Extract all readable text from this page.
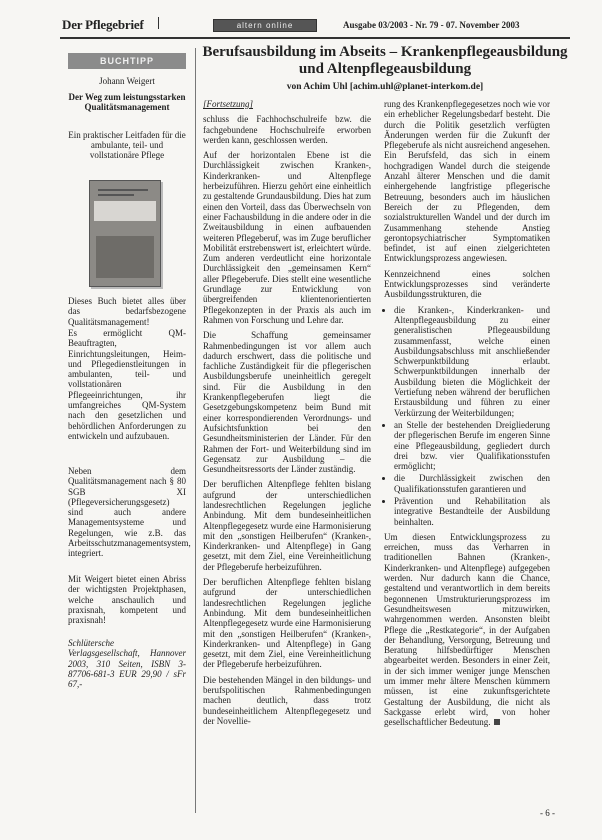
Der Pflegebrief	altern online	Ausgabe 03/2003 - Nr. 79 - 07. November 2003
BUCHTIPP
Johann Weigert
Der Weg zum leistungsstarken Qualitätsmanagement
Ein praktischer Leitfaden für die ambulante, teil- und vollstationäre Pflege
Dieses Buch bietet alles über das bedarfsbezogene Qualitätsmanagement!
Es ermöglicht QM-Beauftragten, Einrichtungsleitungen, Heim- und Pflegedienstleitungen in ambulanten, teil- und vollstationären Pflegeeinrichtungen, ihr umfangreiches QM-System nach den gesetzlichen und behördlichen Anforderungen zu entwickeln und aufzubauen.
Neben dem Qualitätsmanagement nach § 80 SGB XI (Pflegeversicherungsgesetz) sind auch andere Managementsysteme und Regelungen, wie z.B. das Arbeitsschutzmanagementsystem, integriert.
Mit Weigert bietet einen Abriss der wichtigsten Projektphasen, welche anschaulich und praxisnah, kompetent und praxisnah!
Schlütersche Verlagsgesellschaft, Hannover 2003, 310 Seiten, ISBN 3-87706-681-3 EUR 29,90 / sFr 67,-
Berufsausbildung im Abseits – Krankenpflegeausbildung und Altenpflegeausbildung
von Achim Uhl [achim.uhl@planet-interkom.de]

[Fortsetzung]

schluss die Fachhochschulreife bzw. die fachgebundene Hochschulreife erworben werden kann, geschlossen werden.

Auf der horizontalen Ebene ist die Durchlässigkeit zwischen Kranken-, Kinderkranken- und Altenpflege herbeizuführen. Hierzu gehört eine einheitlich zu gestaltende Grundausbildung. Dies hat zum einen den Vorteil, dass das Überwechseln von einer Fachausbildung in die andere oder in die Zweitausbildung in einen aufbauenden weiteren Pflegeberuf, was im Zuge beruflicher Mobilität erstrebenswert ist, erleichtert würde. Zum anderen verdeutlicht eine horizontale Durchlässigkeit den „gemeinsamen Kern“ aller Pflegeberufe. Dies stellt eine wesentliche Grundlage zur Entwicklung von übergreifenden klientenorientierten Pflegekonzepten in der Praxis als auch im Rahmen von Forschung und Lehre dar.

Die Schaffung gemeinsamer Rahmenbedingungen ist vor allem auch dadurch erschwert, dass die politische und fachliche Zuständigkeit für die pflegerischen Ausbildungsberufe uneinheitlich geregelt sind. Für die Ausbildung in den Krankenpflegeberufen liegt die Gesetzgebungskompetenz beim Bund mit einer korrespondierenden Verordnungs- und Aufsichtsfunktion bei den Gesundheitsministerien der Länder. Für den Rahmen der Fort- und Weiterbildung sind im Gegensatz zur Ausbildung – die Gesundheitsressorts der Länder zuständig.

Der beruflichen Altenpflege fehlten bislang aufgrund der unterschiedlichen landesrechtlichen Regelungen jegliche Anbindung. Mit dem bundeseinheitlichen Altenpflegegesetz wurde eine Harmonisierung mit den „sonstigen Heilberufen“ (Kranken-, Kinderkranken- und Altenpflege) in Gang gesetzt, mit dem Ziel, eine Vereinheitlichung der Pflegeberufe herbeizuführen.

Der beruflichen Altenpflege fehlten bislang aufgrund der unterschiedlichen landesrechtlichen Regelungen jegliche Anbindung. Mit dem bundeseinheitlichen Altenpflegegesetz wurde eine Harmonisierung mit den „sonstigen Heilberufen“ (Kranken-, Kinderkranken- und Altenpflege) in Gang gesetzt, mit dem Ziel, eine Vereinheitlichung der Pflegeberufe herbeizuführen.

Die bestehenden Mängel in den bildungs- und berufspolitischen Rahmenbedingungen machen deutlich, dass trotz bundeseinheitlichem Altenpflegegesetz und der Novellie-

rung des Krankenpflegegesetzes noch wie vor ein erheblicher Regelungsbedarf besteht. Die durch die Politik gesetzlich verfügten Änderungen werden für die Zukunft der Pflegeberufe als nicht ausreichend angesehen. Ein Berufsfeld, das sich in einem hochgradigen Wandel durch die steigende Anzahl älterer Menschen und die damit einhergehende langfristige pflegerische Betreuung, besonders auch im häuslichen Bereich der zu Pflegenden, dem sozialstrukturellen Wandel und der durch im Zusammenhang stehende Anstieg gerontopsychiatrischer Symptomatiken befindet, ist auf einen zielgerichteten Entwicklungsprozess angewiesen.

Kennzeichnend eines solchen Entwicklungsprozesses sind veränderte Ausbildungsstrukturen, die

• die Kranken-, Kinderkranken- und Altenpflegeausbildung zu einer generalistischen Pflegeausbildung zusammenfasst, welche einen Ausbildungsabschluss mit anschließender Schwerpunktbildung erlaubt. Schwerpunktbildungen innerhalb der Ausbildung bieten die Möglichkeit der Vertiefung neben während der beruflichen Erstausbildung und führen zu einer Verkürzung der Weiterbildungen;
• an Stelle der bestehenden Dreigliederung der pflegerischen Berufe im engeren Sinne eine Pflegeausbildung, gegliedert durch drei bzw. vier Qualifikationsstufen ermöglicht;
• die Durchlässigkeit zwischen den Qualifikationsstufen garantieren und
• Prävention und Rehabilitation als integrative Bestandteile der Ausbildung beinhalten.

Um diesen Entwicklungsprozess zu erreichen, muss das Verharren in traditionellen Bahnen (Kranken-, Kinderkranken- und Altenpflege) aufgegeben werden. Nur dadurch kann die Chance, gestaltend und verantwortlich in dem bereits begonnenen Umstrukturierungsprozess im Gesundheitswesen mitzuwirken, wahrgenommen werden. Ansonsten bleibt Pflege die „Restkategorie“, in der Aufgaben der Behandlung, Versorgung, Betreuung und Beratung hilfsbedürftiger Menschen abgearbeitet werden. Besonders in einer Zeit, in der sich immer weniger junge Menschen um immer mehr ältere Menschen kümmern müssen, ist eine zukunftsgerichtete Gestaltung der Ausbildung, die nicht als Sackgasse erlebt wird, von hoher gesellschaftlicher Bedeutung.

- 6 -
